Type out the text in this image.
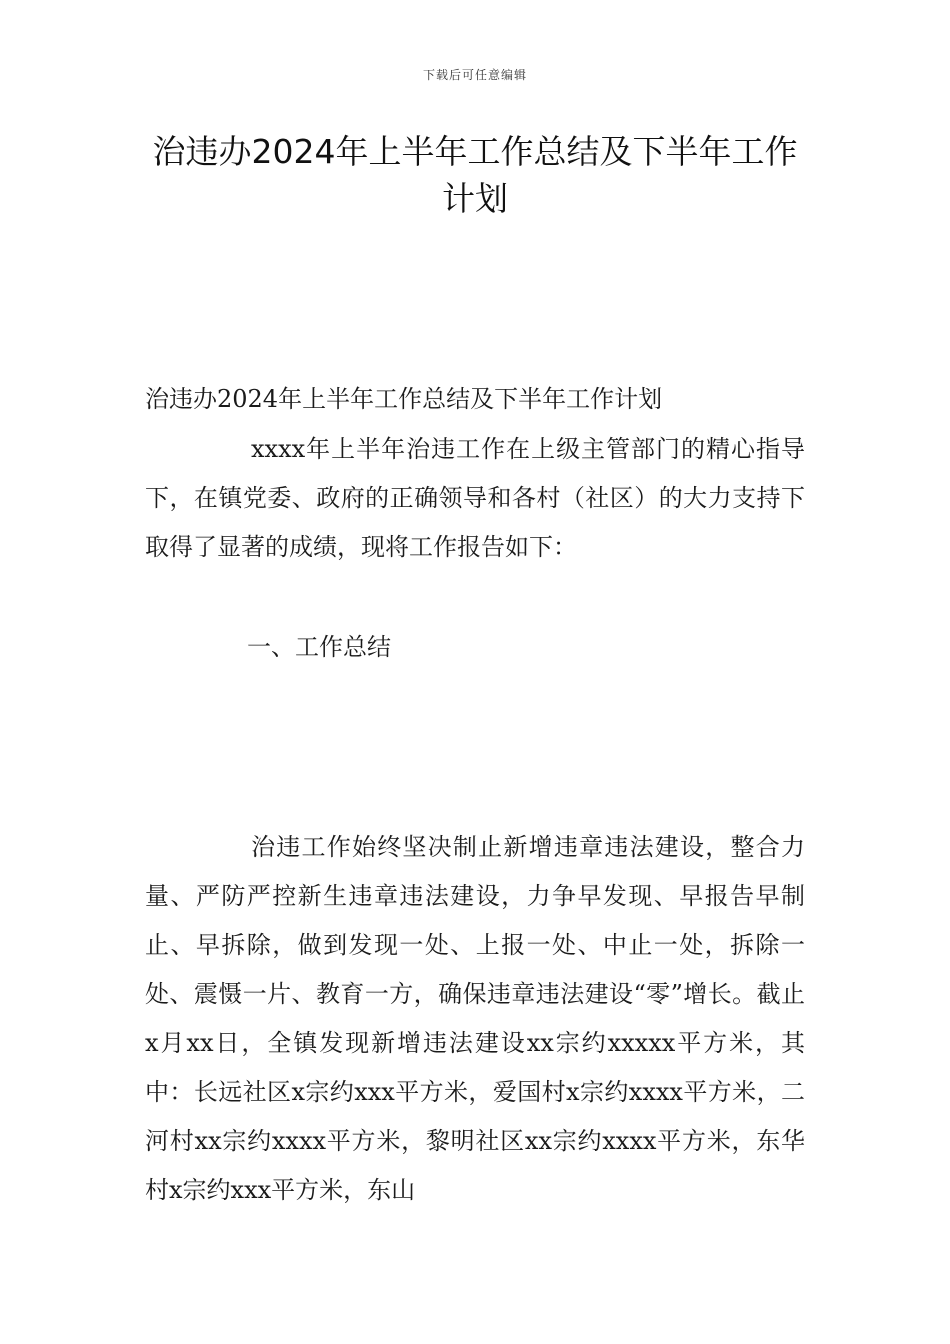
下载后可任意编辑
治违办2024年上半年工作总结及下半年工作计划

治违办2024年上半年工作总结及下半年工作计划

xxxx年上半年治违工作在上级主管部门的精心指导下，在镇党委、政府的正确领导和各村（社区）的大力支持下取得了显著的成绩，现将工作报告如下：

一、工作总结

治违工作始终坚决制止新增违章违法建设，整合力量、严防严控新生违章违法建设，力争早发现、早报告早制止、早拆除，做到发现一处、上报一处、中止一处，拆除一处、震慑一片、教育一方，确保违章违法建设“零”增长。截止x月xx日，全镇发现新增违法建设xx宗约xxxxx平方米，其中：长远社区x宗约xxx平方米，爱国村x宗约xxxx平方米，二河村xx宗约xxxx平方米，黎明社区xx宗约xxxx平方米，东华村x宗约xxx平方米，东山
